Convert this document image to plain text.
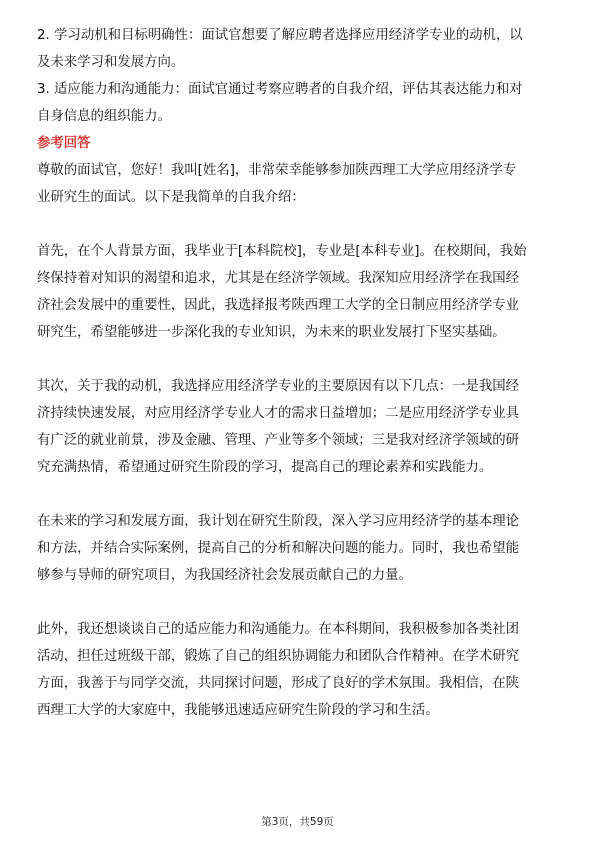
2. 学习动机和目标明确性：面试官想要了解应聘者选择应用经济学专业的动机，以
及未来学习和发展方向。
3. 适应能力和沟通能力：面试官通过考察应聘者的自我介绍，评估其表达能力和对
自身信息的组织能力。
参考回答
尊敬的面试官，您好！我叫[姓名]，非常荣幸能够参加陕西理工大学应用经济学专
业研究生的面试。以下是我简单的自我介绍：
首先，在个人背景方面，我毕业于[本科院校]，专业是[本科专业]。在校期间，我始
终保持着对知识的渴望和追求，尤其是在经济学领域。我深知应用经济学在我国经
济社会发展中的重要性，因此，我选择报考陕西理工大学的全日制应用经济学专业
研究生，希望能够进一步深化我的专业知识，为未来的职业发展打下坚实基础。
其次，关于我的动机，我选择应用经济学专业的主要原因有以下几点：一是我国经
济持续快速发展，对应用经济学专业人才的需求日益增加；二是应用经济学专业具
有广泛的就业前景，涉及金融、管理、产业等多个领域；三是我对经济学领域的研
究充满热情，希望通过研究生阶段的学习，提高自己的理论素养和实践能力。
在未来的学习和发展方面，我计划在研究生阶段，深入学习应用经济学的基本理论
和方法，并结合实际案例，提高自己的分析和解决问题的能力。同时，我也希望能
够参与导师的研究项目，为我国经济社会发展贡献自己的力量。
此外，我还想谈谈自己的适应能力和沟通能力。在本科期间，我积极参加各类社团
活动，担任过班级干部，锻炼了自己的组织协调能力和团队合作精神。在学术研究
方面，我善于与同学交流，共同探讨问题，形成了良好的学术氛围。我相信，在陕
西理工大学的大家庭中，我能够迅速适应研究生阶段的学习和生活。
第3页，共59页
